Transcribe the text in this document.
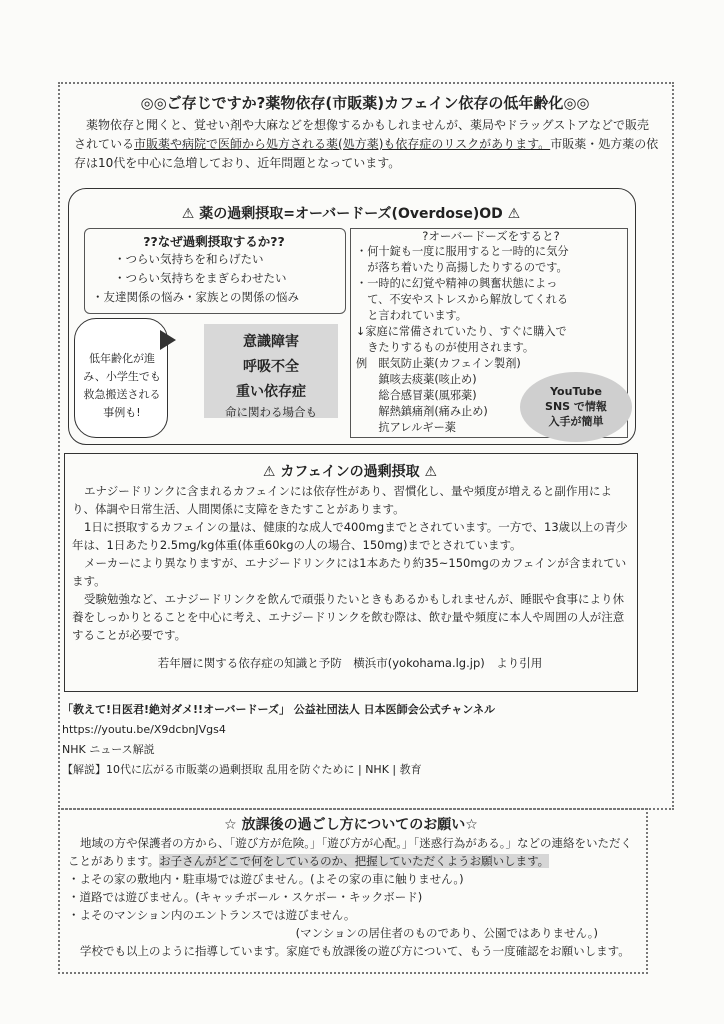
◎◎ご存じですか?薬物依存(市販薬)カフェイン依存の低年齢化◎◎

薬物依存と聞くと、覚せい剤や大麻などを想像するかもしれませんが、薬局やドラッグストアなどで販売されている市販薬や病院で医師から処方される薬(処方薬)も依存症のリスクがあります。市販薬・処方薬の依存は10代を中心に急増しており、近年問題となっています。

⚠ 薬の過剰摂取=オーバードーズ(Overdose)OD ⚠
??なぜ過剰摂取するか??
・つらい気持ちを和らげたい
・つらい気持ちをまぎらわせたい
・友達関係の悩み・家族との関係の悩み
低年齢化が進み、小学生でも救急搬送される事例も!
意識障害
呼吸不全
重い依存症
命に関わる場合も
?オーバードーズをすると?
・何十錠も一度に服用すると一時的に気分
　が落ち着いたり高揚したりするのです。
・一時的に幻覚や精神の興奮状態によっ
　て、不安やストレスから解放してくれる
　と言われています。
↓家庭に常備されていたり、すぐに購入で
　きたりするものが使用されます。
例　眠気防止薬(カフェイン製剤)
　　鎮咳去痰薬(咳止め)
　　総合感冒薬(風邪薬)
　　解熱鎮痛剤(痛み止め)
　　抗アレルギー薬
YouTube
SNS で情報
入手が簡単
⚠ カフェインの過剰摂取 ⚠

エナジードリンクに含まれるカフェインには依存性があり、習慣化し、量や頻度が増えると副作用により、体調や日常生活、人間関係に支障をきたすことがあります。

1日に摂取するカフェインの量は、健康的な成人で400mgまでとされています。一方で、13歳以上の青少年は、1日あたり2.5mg/kg体重(体重60kgの人の場合、150mg)までとされています。

メーカーにより異なりますが、エナジードリンクには1本あたり約35~150mgのカフェインが含まれています。

受験勉強など、エナジードリンクを飲んで頑張りたいときもあるかもしれませんが、睡眠や食事により休養をしっかりとることを中心に考え、エナジードリンクを飲む際は、飲む量や頻度に本人や周囲の人が注意することが必要です。

若年層に関する依存症の知識と予防　横浜市(yokohama.lg.jp)　より引用
「教えて!日医君!絶対ダメ!!オーバードーズ」 公益社団法人 日本医師会公式チャンネル
https://youtu.be/X9dcbnJVgs4
NHK ニュース解説
【解説】10代に広がる市販薬の過剰摂取 乱用を防ぐために | NHK | 教育
☆ 放課後の過ごし方についてのお願い☆

地域の方や保護者の方から、「遊び方が危険。」「遊び方が心配。」「迷惑行為がある。」などの連絡をいただくことがあります。お子さんがどこで何をしているのか、把握していただくようお願いします。

・よその家の敷地内・駐車場では遊びません。(よその家の車に触りません。)

・道路では遊びません。(キャッチボール・スケボー・キックボード)

・よそのマンション内のエントランスでは遊びません。

(マンションの居住者のものであり、公園ではありません。)

学校でも以上のように指導しています。家庭でも放課後の遊び方について、もう一度確認をお願いします。
